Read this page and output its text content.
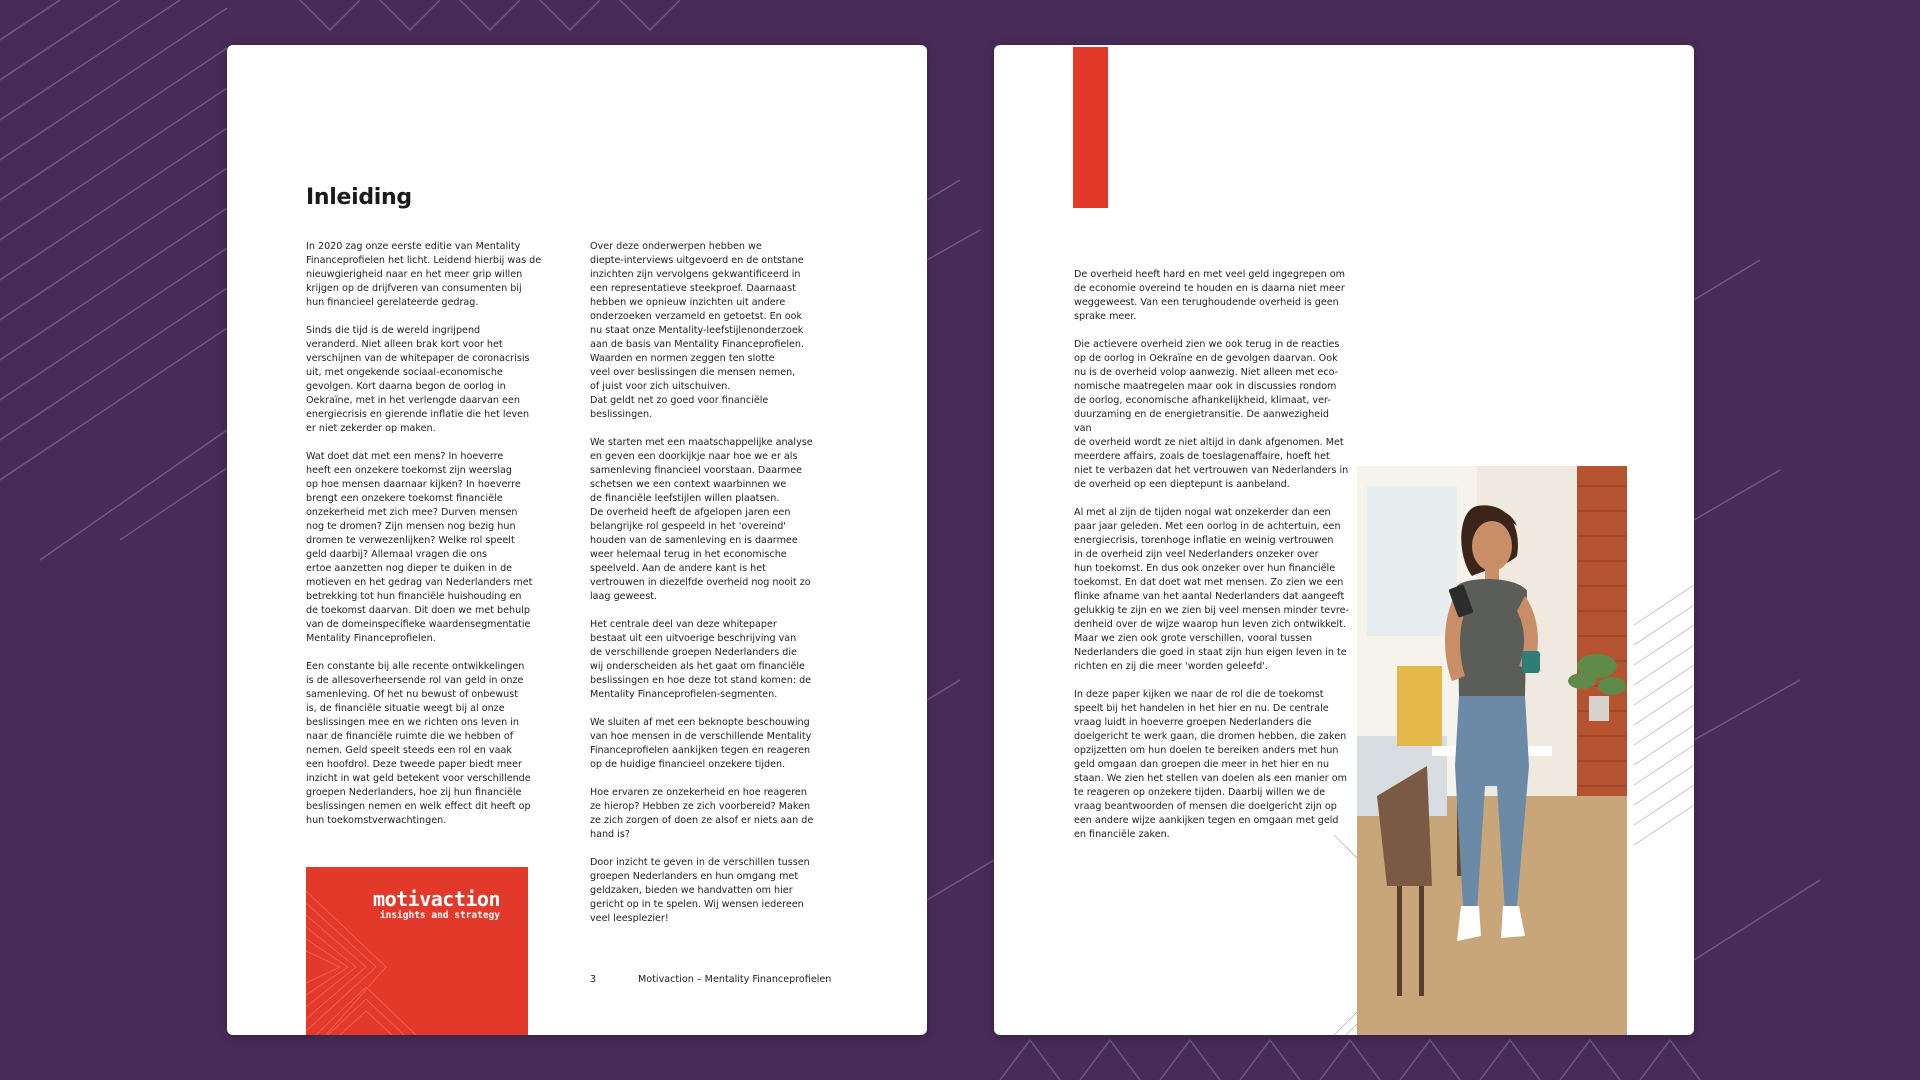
Inleiding

In 2020 zag onze eerste editie van Mentality
Financeprofielen het licht. Leidend hierbij was de
nieuwgierigheid naar en het meer grip willen
krijgen op de drijfveren van consumenten bij
hun financieel gerelateerde gedrag.

Sinds die tijd is de wereld ingrijpend
veranderd. Niet alleen brak kort voor het
verschijnen van de whitepaper de coronacrisis
uit, met ongekende sociaal-economische
gevolgen. Kort daarna begon de oorlog in
Oekraïne, met in het verlengde daarvan een
energiecrisis en gierende inflatie die het leven
er niet zekerder op maken.

Wat doet dat met een mens? In hoeverre
heeft een onzekere toekomst zijn weerslag
op hoe mensen daarnaar kijken? In hoeverre
brengt een onzekere toekomst financiële
onzekerheid met zich mee? Durven mensen
nog te dromen? Zijn mensen nog bezig hun
dromen te verwezenlijken? Welke rol speelt
geld daarbij? Allemaal vragen die ons
ertoe aanzetten nog dieper te duiken in de
motieven en het gedrag van Nederlanders met
betrekking tot hun financiële huishouding en
de toekomst daarvan. Dit doen we met behulp
van de domeinspecifieke waardensegmentatie
Mentality Financeprofielen.

Een constante bij alle recente ontwikkelingen
is de allesoverheersende rol van geld in onze
samenleving. Of het nu bewust of onbewust
is, de financiële situatie weegt bij al onze
beslissingen mee en we richten ons leven in
naar de financiële ruimte die we hebben of
nemen. Geld speelt steeds een rol en vaak
een hoofdrol. Deze tweede paper biedt meer
inzicht in wat geld betekent voor verschillende
groepen Nederlanders, hoe zij hun financiële
beslissingen nemen en welk effect dit heeft op
hun toekomstverwachtingen.

Over deze onderwerpen hebben we
diepte-interviews uitgevoerd en de ontstane
inzichten zijn vervolgens gekwantificeerd in
een representatieve steekproef. Daarnaast
hebben we opnieuw inzichten uit andere
onderzoeken verzameld en getoetst. En ook
nu staat onze Mentality-leefstijlenonderzoek
aan de basis van Mentality Financeprofielen.
Waarden en normen zeggen ten slotte
veel over beslissingen die mensen nemen,
of juist voor zich uitschuiven.
Dat geldt net zo goed voor financiële
beslissingen.

We starten met een maatschappelijke analyse
en geven een doorkijkje naar hoe we er als
samenleving financieel voorstaan. Daarmee
schetsen we een context waarbinnen we
de financiële leefstijlen willen plaatsen.
De overheid heeft de afgelopen jaren een
belangrijke rol gespeeld in het 'overeind'
houden van de samenleving en is daarmee
weer helemaal terug in het economische
speelveld. Aan de andere kant is het
vertrouwen in diezelfde overheid nog nooit zo
laag geweest.

Het centrale deel van deze whitepaper
bestaat uit een uitvoerige beschrijving van
de verschillende groepen Nederlanders die
wij onderscheiden als het gaat om financiële
beslissingen en hoe deze tot stand komen: de
Mentality Financeprofielen-segmenten.

We sluiten af met een beknopte beschouwing
van hoe mensen in de verschillende Mentality
Financeprofielen aankijken tegen en reageren
op de huidige financieel onzekere tijden.

Hoe ervaren ze onzekerheid en hoe reageren
ze hierop? Hebben ze zich voorbereid? Maken
ze zich zorgen of doen ze alsof er niets aan de
hand is?

Door inzicht te geven in de verschillen tussen
groepen Nederlanders en hun omgang met
geldzaken, bieden we handvatten om hier
gericht op in te spelen. Wij wensen iedereen
veel leesplezier!

motivaction
insights and strategy
3	Motivaction – Mentality Financeprofielen

De overheid heeft hard en met veel geld ingegrepen om
de economie overeind te houden en is daarna niet meer
weggeweest. Van een terughoudende overheid is geen
sprake meer.

Die actievere overheid zien we ook terug in de reacties
op de oorlog in Oekraïne en de gevolgen daarvan. Ook
nu is de overheid volop aanwezig. Niet alleen met eco-
nomische maatregelen maar ook in discussies rondom
de oorlog, economische afhankelijkheid, klimaat, ver-
duurzaming en de energietransitie. De aanwezigheid van
de overheid wordt ze niet altijd in dank afgenomen. Met
meerdere affairs, zoals de toeslagenaffaire, hoeft het
niet te verbazen dat het vertrouwen van Nederlanders in
de overheid op een dieptepunt is aanbeland.

Al met al zijn de tijden nogal wat onzekerder dan een
paar jaar geleden. Met een oorlog in de achtertuin, een
energiecrisis, torenhoge inflatie en weinig vertrouwen
in de overheid zijn veel Nederlanders onzeker over
hun toekomst. En dus ook onzeker over hun financiële
toekomst. En dat doet wat met mensen. Zo zien we een
flinke afname van het aantal Nederlanders dat aangeeft
gelukkig te zijn en we zien bij veel mensen minder tevre-
denheid over de wijze waarop hun leven zich ontwikkelt.
Maar we zien ook grote verschillen, vooral tussen
Nederlanders die goed in staat zijn hun eigen leven in te
richten en zij die meer 'worden geleefd'.

In deze paper kijken we naar de rol die de toekomst
speelt bij het handelen in het hier en nu. De centrale
vraag luidt in hoeverre groepen Nederlanders die
doelgericht te werk gaan, die dromen hebben, die zaken
opzijzetten om hun doelen te bereiken anders met hun
geld omgaan dan groepen die meer in het hier en nu
staan. We zien het stellen van doelen als een manier om
te reageren op onzekere tijden. Daarbij willen we de
vraag beantwoorden of mensen die doelgericht zijn op
een andere wijze aankijken tegen en omgaan met geld
en financiële zaken.
